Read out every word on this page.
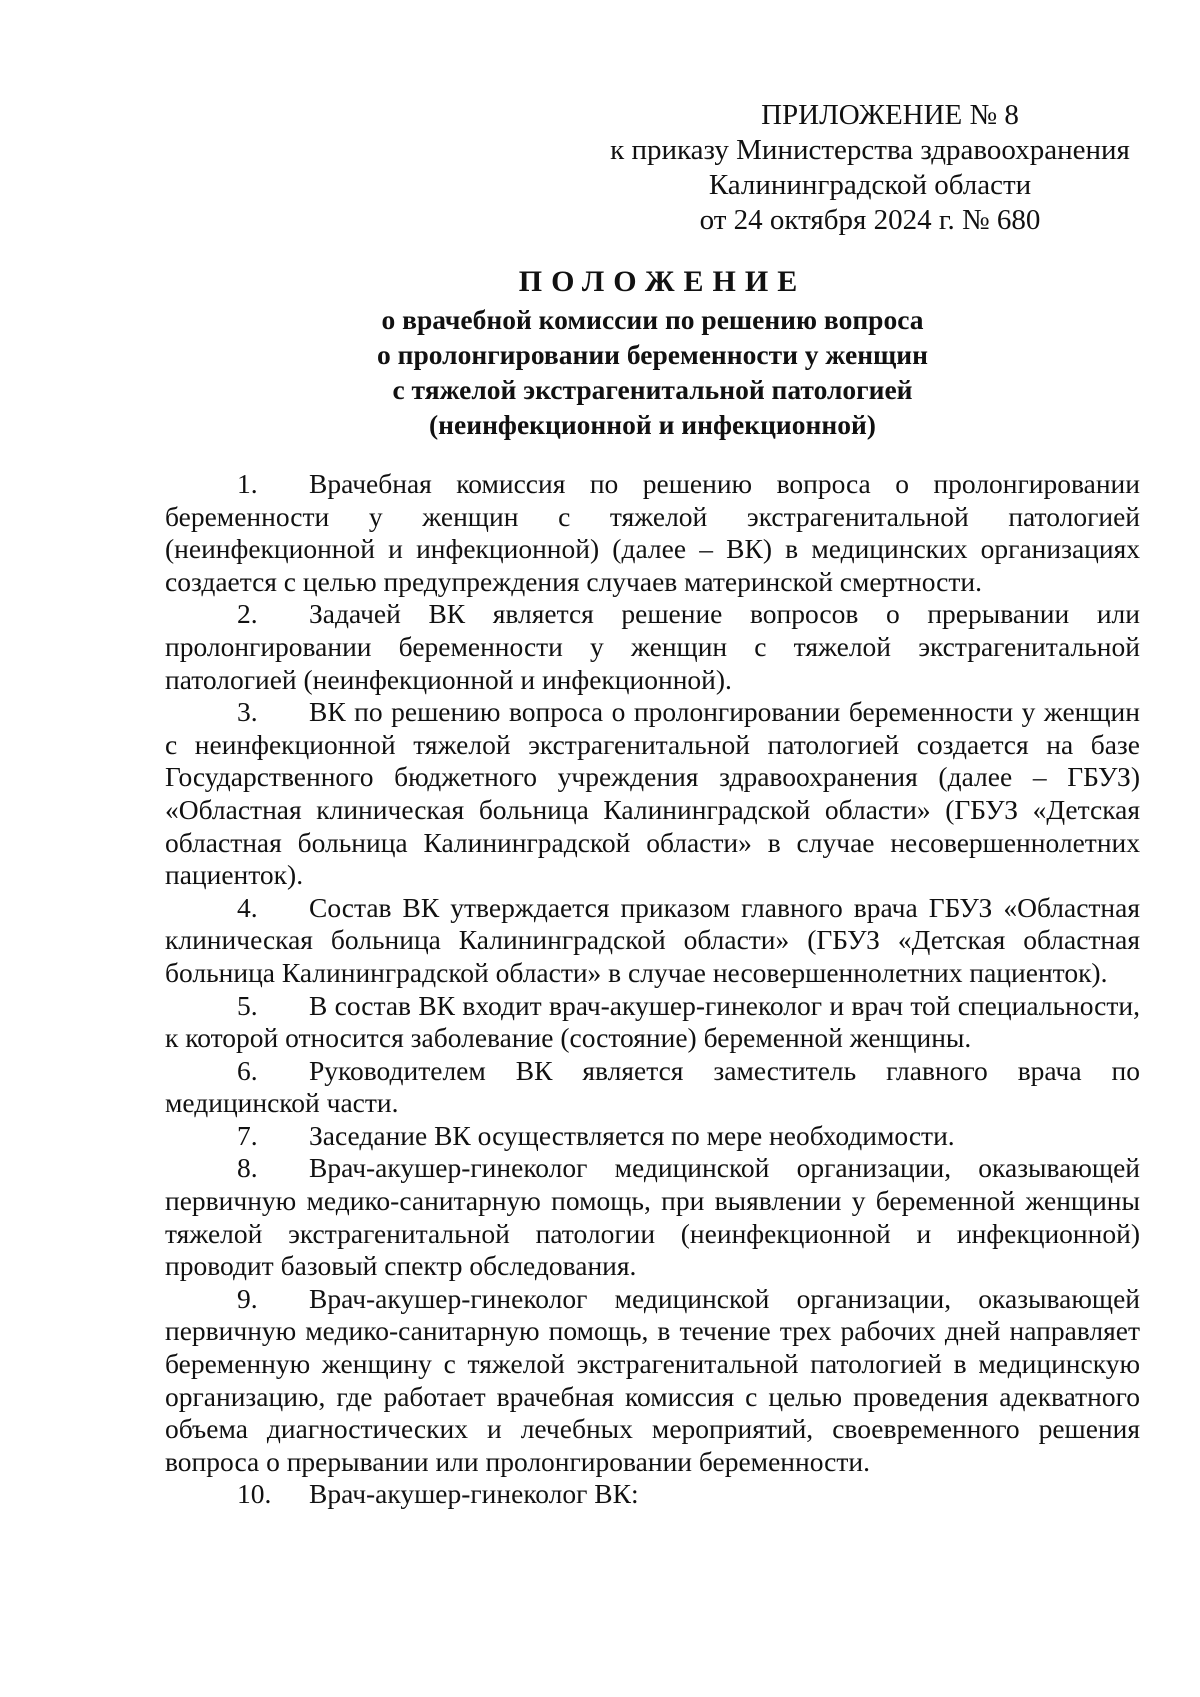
ПРИЛОЖЕНИЕ № 8
к приказу Министерства здравоохранения
Калининградской области
от 24 октября 2024 г. № 680
ПОЛОЖЕНИЕ
о врачебной комиссии по решению вопроса
о пролонгировании беременности у женщин
с тяжелой экстрагенитальной патологией
(неинфекционной и инфекционной)

1. Врачебная комиссия по решению вопроса о пролонгировании беременности у женщин с тяжелой экстрагенитальной патологией (неинфекционной и инфекционной) (далее – ВК) в медицинских организациях создается с целью предупреждения случаев материнской смертности.

2. Задачей ВК является решение вопросов о прерывании или пролонгировании беременности у женщин с тяжелой экстрагенитальной патологией (неинфекционной и инфекционной).

3. ВК по решению вопроса о пролонгировании беременности у женщин с неинфекционной тяжелой экстрагенитальной патологией создается на базе Государственного бюджетного учреждения здравоохранения (далее – ГБУЗ) «Областная клиническая больница Калининградской области» (ГБУЗ «Детская областная больница Калининградской области» в случае несовершеннолетних пациенток).

4. Состав ВК утверждается приказом главного врача ГБУЗ «Областная клиническая больница Калининградской области» (ГБУЗ «Детская областная больница Калининградской области» в случае несовершеннолетних пациенток).

5. В состав ВК входит врач-акушер-гинеколог и врач той специальности, к которой относится заболевание (состояние) беременной женщины.

6. Руководителем ВК является заместитель главного врача по медицинской части.

7. Заседание ВК осуществляется по мере необходимости.

8. Врач-акушер-гинеколог медицинской организации, оказывающей первичную медико-санитарную помощь, при выявлении у беременной женщины тяжелой экстрагенитальной патологии (неинфекционной и инфекционной) проводит базовый спектр обследования.

9. Врач-акушер-гинеколог медицинской организации, оказывающей первичную медико-санитарную помощь, в течение трех рабочих дней направляет беременную женщину с тяжелой экстрагенитальной патологией в медицинскую организацию, где работает врачебная комиссия с целью проведения адекватного объема диагностических и лечебных мероприятий, своевременного решения вопроса о прерывании или пролонгировании беременности.

10. Врач-акушер-гинеколог ВК:
